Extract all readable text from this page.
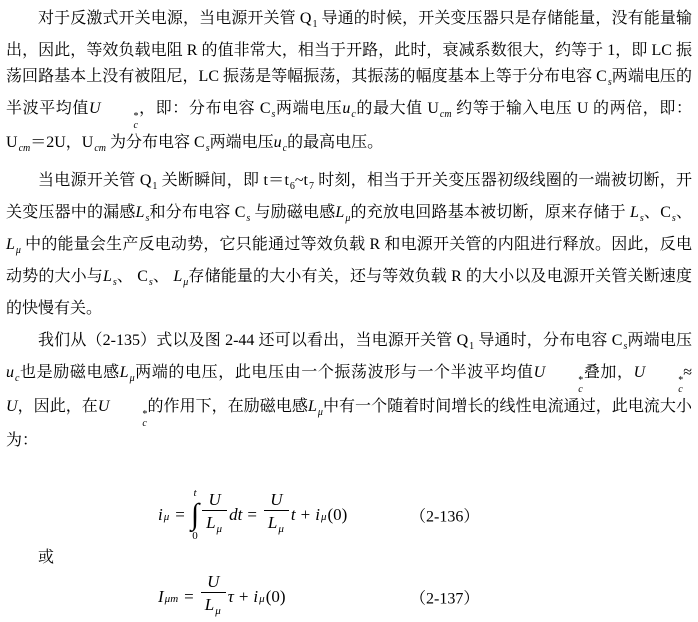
对于反激式开关电源，当电源开关管 $Q_1$ 导通的时候，开关变压器只是存储能量，没有能量输出，因此，等效负载电阻 R 的值非常大，相当于开路，此时，衰减系数很大，约等于 1，即 LC 振荡回路基本上没有被阻尼，LC 振荡是等幅振荡，其振荡的幅度基本上等于分布电容 $C_s$两端电压的半波平均值U	*
c
，即：分布电容 $C_s$两端电压$u_c$的最大值 $U_{cm}$ 约等于输入电压 U 的两倍，即：$U_{cm}=2U$，$U_{cm}$ 为分布电容 $C_s$两端电压$u_c$的最高电压。

当电源开关管 $Q_1$ 关断瞬间，即 $t=t_6\sim t_7$ 时刻，相当于开关变压器初级线圈的一端被切断，开关变压器中的漏感$L_s$和分布电容 $C_s$ 与励磁电感$L_\mu$的充放电回路基本被切断，原来存储于 $L_s$、$C_s$、 $L_\mu$ 中的能量会生产反电动势，它只能通过等效负载 R 和电源开关管的内阻进行释放。因此，反电动势的大小与$L_s$、 $C_s$、 $L_\mu$存储能量的大小有关，还与等效负载 R 的大小以及电源开关管关断速度的快慢有关。

我们从（2-135）式以及图 2-44 还可以看出，当电源开关管 $Q_1$ 导通时，分布电容 $C_s$两端电压$u_c$也是励磁电感$L_\mu$两端的电压，此电压由一个振荡波形与一个半波平均值U	*
c
叠加，U	*
c
≈U，因此，在U	*
c
的作用下，在励磁电感$L_\mu$中有一个随着时间增长的线性电流通过，此电流大小为：

i μ =
t
∫
$0 \frac{U}{L_\mu}$ dt = $\frac{U}{L_\mu}$ t + i μ (0)	（2-136）

或

I $\mu m = \frac{U}{L_\mu}$ τ + i μ (0)	（2-137）
